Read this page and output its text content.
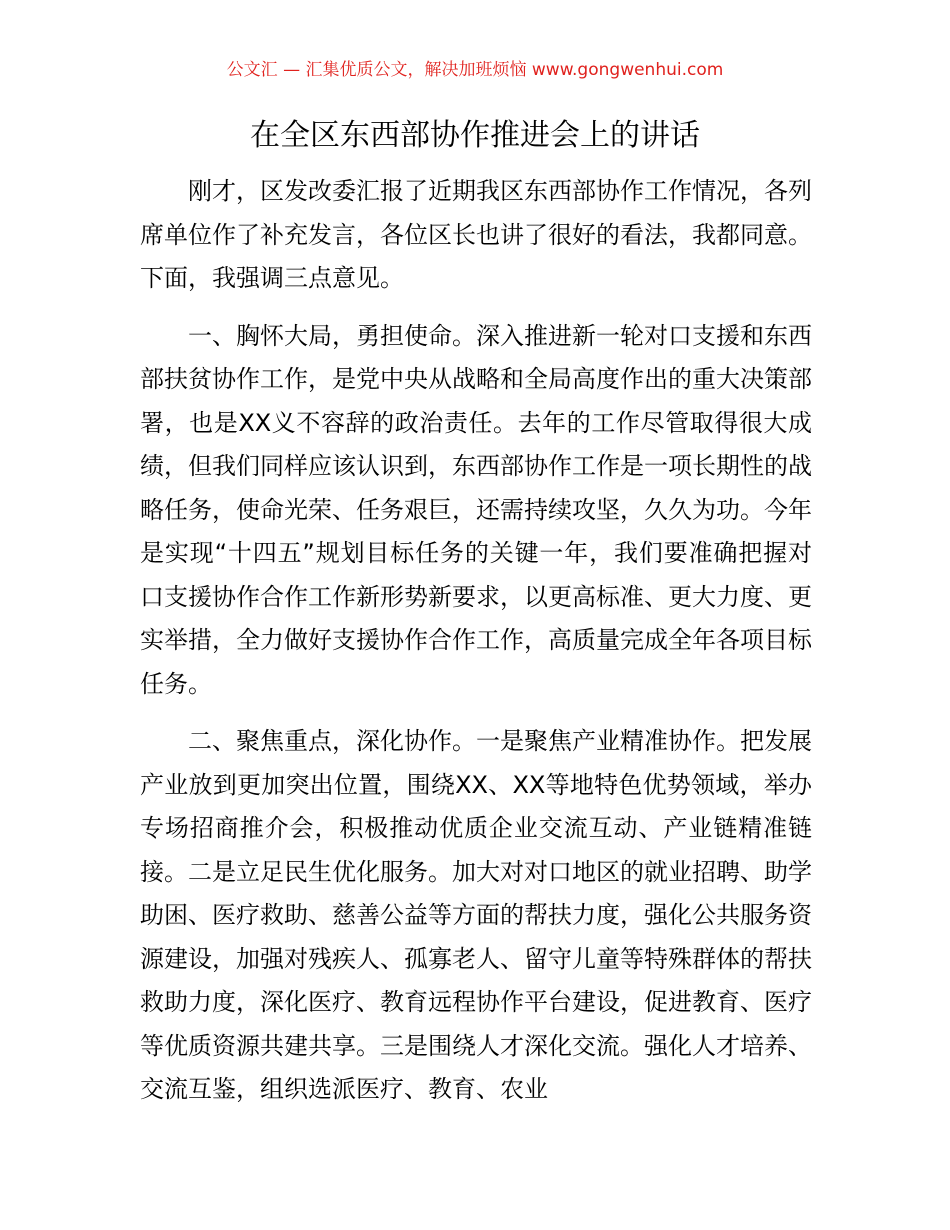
公文汇 — 汇集优质公文，解决加班烦恼 www.gongwenhui.com
在全区东西部协作推进会上的讲话

刚才，区发改委汇报了近期我区东西部协作工作情况，各列席单位作了补充发言，各位区长也讲了很好的看法，我都同意。下面，我强调三点意见。

一、胸怀大局，勇担使命。深入推进新一轮对口支援和东西部扶贫协作工作，是党中央从战略和全局高度作出的重大决策部署，也是XX义不容辞的政治责任。去年的工作尽管取得很大成绩，但我们同样应该认识到，东西部协作工作是一项长期性的战略任务，使命光荣、任务艰巨，还需持续攻坚，久久为功。今年是实现“十四五”规划目标任务的关键一年，我们要准确把握对口支援协作合作工作新形势新要求，以更高标准、更大力度、更实举措，全力做好支援协作合作工作，高质量完成全年各项目标任务。

二、聚焦重点，深化协作。一是聚焦产业精准协作。把发展产业放到更加突出位置，围绕XX、XX等地特色优势领域，举办专场招商推介会，积极推动优质企业交流互动、产业链精准链接。二是立足民生优化服务。加大对对口地区的就业招聘、助学助困、医疗救助、慈善公益等方面的帮扶力度，强化公共服务资源建设，加强对残疾人、孤寡老人、留守儿童等特殊群体的帮扶救助力度，深化医疗、教育远程协作平台建设，促进教育、医疗等优质资源共建共享。三是围绕人才深化交流。强化人才培养、交流互鉴，组织选派医疗、教育、农业
